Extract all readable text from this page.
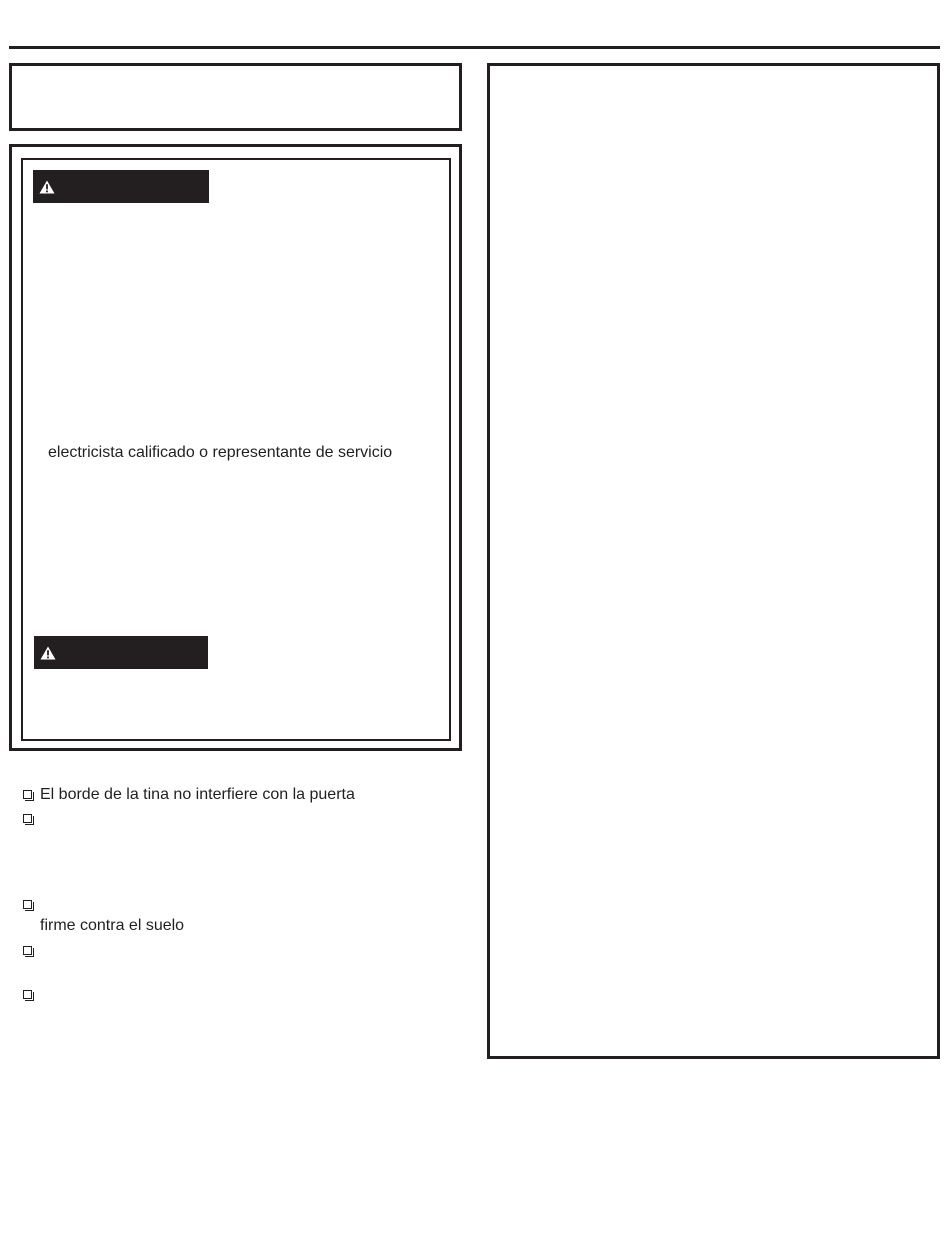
electricista calificado o representante de servicio
El borde de la tina no interfiere con la puerta
firme contra el suelo
